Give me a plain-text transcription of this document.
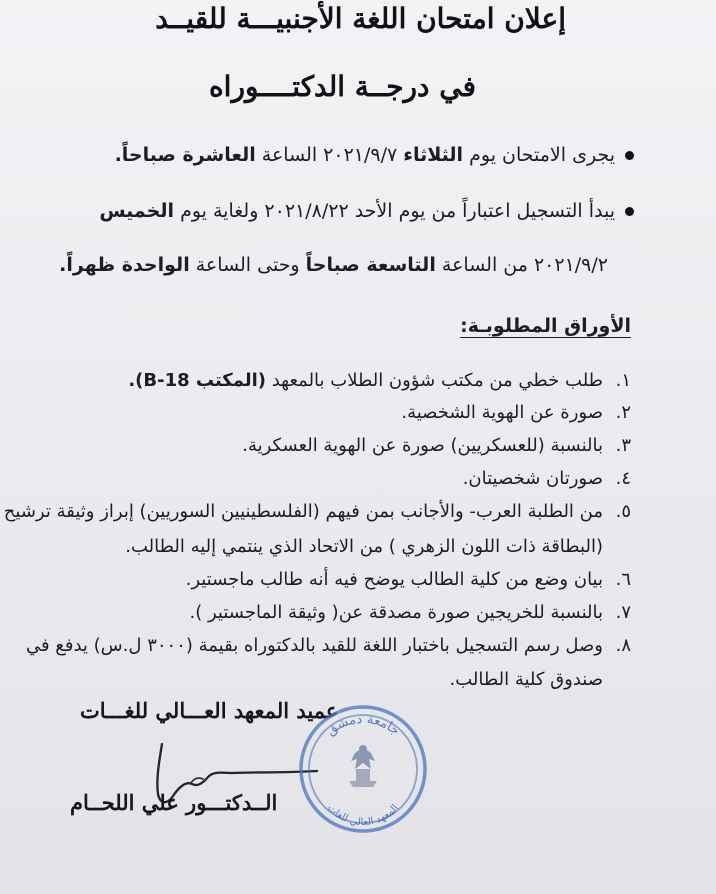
إعلان امتحان اللغة الأجنبيـــة للقيــد
في درجــة الدكتــــوراه
يجرى الامتحان يوم الثلاثاء ٢٠٢١/٩/٧ الساعة العاشرة صباحاً.
يبدأ التسجيل اعتباراً من يوم الأحد ٢٠٢١/٨/٢٢ ولغاية يوم الخميس
٢٠٢١/٩/٢ من الساعة التاسعة صباحاً وحتى الساعة الواحدة ظهراً.
الأوراق المطلوبـة:
١.
طلب خطي من مكتب شؤون الطلاب بالمعهد (المكتب B-18).
٢.
صورة عن الهوية الشخصية.
٣.
بالنسبة (للعسكريين) صورة عن الهوية العسكرية.
٤.
صورتان شخصيتان.
٥.
من الطلبة العرب- والأجانب بمن فيهم (الفلسطينيين السوريين) إبراز وثيقة ترشيح
(البطاقة ذات اللون الزهري ) من الاتحاد الذي ينتمي إليه الطالب.
٦.
بيان وضع من كلية الطالب يوضح فيه أنه طالب ماجستير.
٧.
بالنسبة للخريجين صورة مصدقة عن( وثيقة الماجستير ).
٨.
وصل رسم التسجيل باختبار اللغة للقيد بالدكتوراه بقيمة (٣٠٠٠ ل.س) يدفع في
صندوق كلية الطالب.
عميد المعهد العـــالي للغـــات
جامعة دمشق
المعهد العالي للغات
الــدكتـــور علي اللحــام
